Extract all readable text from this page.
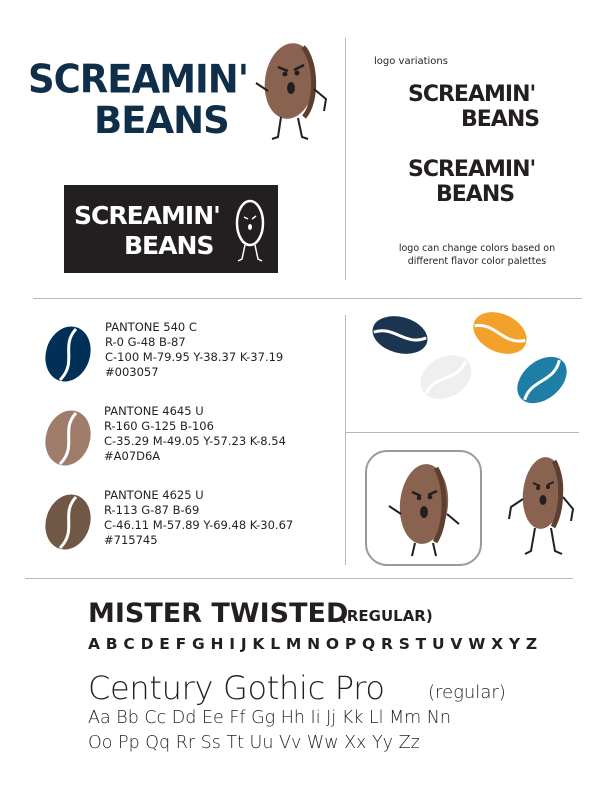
SCREAMIN'
BEANS
SCREAMIN'
BEANS
logo variations
SCREAMIN'
BEANS
SCREAMIN'
BEANS
logo can change colors based on different flavor color palettes
PANTONE 540 C
R-0 G-48 B-87
C-100 M-79.95 Y-38.37 K-37.19
#003057
PANTONE 4645 U
R-160 G-125 B-106
C-35.29 M-49.05 Y-57.23 K-8.54
#A07D6A
PANTONE 4625 U
R-113 G-87 B-69
C-46.11 M-57.89 Y-69.48 K-30.67
#715745
MISTER TWISTED
(REGULAR)
A B C D E F G H I J K L M N O P Q R S T U V W X Y Z
Century Gothic Pro (regular)
Aa Bb Cc Dd Ee Ff Gg Hh Ii Jj Kk Ll Mm Nn
Oo Pp Qq Rr Ss Tt Uu Vv Ww Xx Yy Zz
